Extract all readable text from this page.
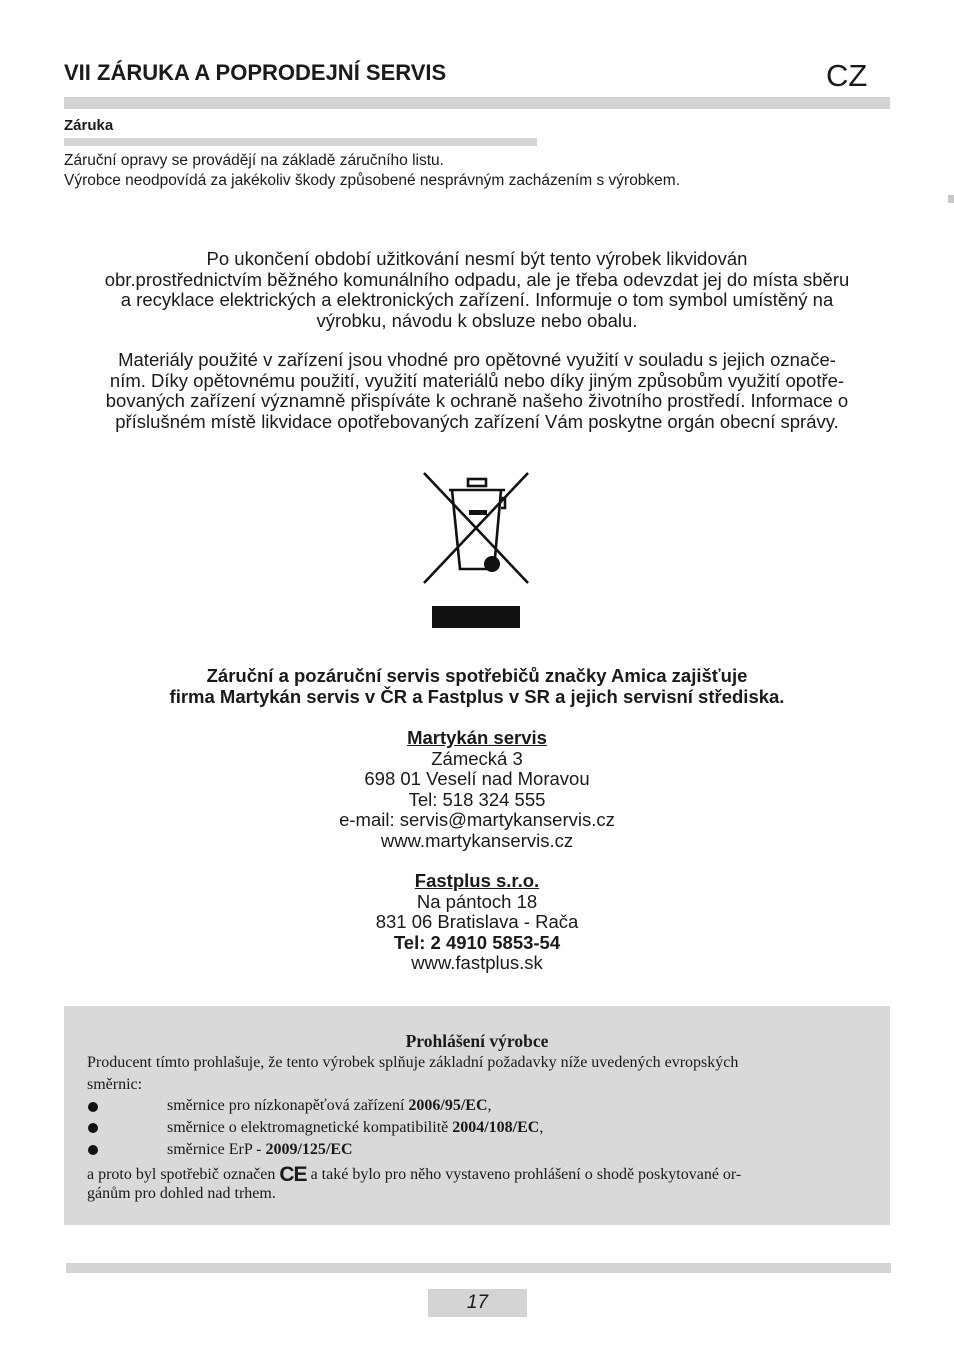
VII ZÁRUKA A POPRODEJNÍ SERVIS	CZ
Záruka
Záruční opravy se provádějí na základě záručního listu.
Výrobce neodpovídá za jakékoliv škody způsobené nesprávným zacházením s výrobkem.
Po ukončení období užitkování nesmí být tento výrobek likvidován
obr.prostřednictvím běžného komunálního odpadu, ale je třeba odevzdat jej do místa sběru
a recyklace elektrických a elektronických zařízení. Informuje o tom symbol umístěný na
výrobku, návodu k obsluze nebo obalu.
Materiály použité v zařízení jsou vhodné pro opětovné využití v souladu s jejich označe-
ním. Díky opětovnému použití, využití materiálů nebo díky jiným způsobům využití opotře-
bovaných zařízení významně přispíváte k ochraně našeho životního prostředí. Informace o
příslušném místě likvidace opotřebovaných zařízení Vám poskytne orgán obecní správy.
Záruční a pozáruční servis spotřebičů značky Amica zajišťuje
firma Martykán servis v ČR a Fastplus v SR a jejich servisní střediska.
Martykán servis
Zámecká 3
698 01 Veselí nad Moravou
Tel: 518 324 555
e-mail: servis@martykanservis.cz
www.martykanservis.cz
Fastplus s.r.o.
Na pántoch 18
831 06 Bratislava - Rača
Tel: 2 4910 5853-54
www.fastplus.sk
Prohlášení výrobce
Producent tímto prohlašuje, že tento výrobek splňuje základní požadavky níže uvedených evropských
směrnic:
směrnice pro nízkonapěťová zařízení 2006/95/EC,
směrnice o elektromagnetické kompatibilitě 2004/108/EC,
směrnice ErP - 2009/125/EC
a proto byl spotřebič označen CE a také bylo pro něho vystaveno prohlášení o shodě poskytované or-
gánům pro dohled nad trhem.
17
